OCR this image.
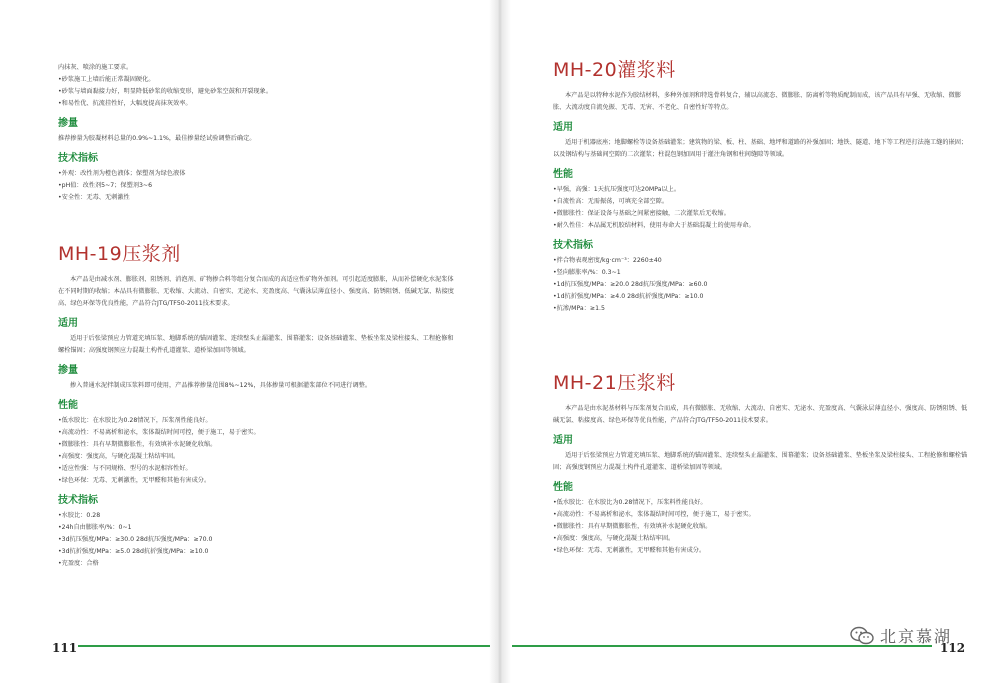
内抹灰、喷涂的施工要求。
•砂浆施工上墙后能正常凝固硬化。
•砂浆与墙面黏接力好，明显降低砂浆的收缩变形，避免砂浆空鼓和开裂现象。
•和易性优、抗流挂性好，大幅度提高抹灰效率。
掺量
推荐掺量为胶凝材料总量的0.9%~1.1%，最佳掺量经试验调整后确定。
技术指标
•外观：改性剂为橙色液体；保塑剂为绿色液体
•pH值：改性剂5~7；保塑剂3~6
•安全性：无毒、无刺激性
MH-19压浆剂
本产品是由减水剂、膨胀剂、阻锈剂、消泡剂、矿物掺合料等组分复合而成的高适应性矿物外加剂。可引起适度膨胀，从而补偿硬化水泥浆体在不同时期的收缩；本品具有微膨胀、无收缩、大流动、自密实、无泌水、充盈度高、气囊泳层薄直径小、强度高、防锈阻锈、低碱无氯、粘接度高、绿色环保等优良性能，产品符合JTG/TF50-2011技术要求。
适用
适用于后张梁预应力管道充填压浆、地脚系统的锚固灌浆、连续壁头止漏灌浆、围幕灌浆；设备基础灌浆、垫板坐浆及梁柱接头、工程抢修和螺栓锚固；高强度钢预应力混凝土构件孔道灌浆、道桥梁加固等领域。
掺量
掺入普通水泥拌制成压浆料即可使用，产品推荐掺量范围8%~12%，具体掺量可根据灌浆部位不同进行调整。
性能
•低水胶比：在水胶比为0.28情况下，压浆剂性能良好。
•高流动性：不易离析和泌水，浆体凝结时间可控，便于施工，易于密实。
•微膨胀性：具有早期微膨胀性，有效填补水泥硬化收缩。
•高强度：强度高，与硬化混凝土粘结牢固。
•适应性强：与不同规格、型号的水泥相容性好。
•绿色环保：无毒、无刺激性，无甲醛和其他有害成分。
技术指标
•水胶比：0.28
•24h自由膨胀率/%：0~1
•3d抗压强度/MPa：≥30.0 28d抗压强度/MPa：≥70.0
•3d抗折强度/MPa：≥5.0 28d抗折强度/MPa：≥10.0
•充盈度：合格
MH-20灌浆料
本产品是以特种水泥作为胶结材料，多种外加剂和特选骨料复合，辅以高流态、微膨胀、防离析等物质配制而成，该产品具有早强、无收缩、微膨胀、大流动度自流免振、无毒、无害、不老化、自密性好等特点。
适用
适用于机器底座；地脚螺栓等设备基础灌浆；建筑物的梁、板、柱、基础、地坪和道路的补强加固；地铁、隧道、地下等工程逆打法施工缝的嵌固；以及钢结构与基础间空隙的二次灌浆；柱混包钢加固用于灌注角钢和柱间缝隙等领域。
性能
•早强，高强：1天抗压强度可达20MPa以上。
•自流性高：无需振荡，可填充全部空隙。
•微膨胀性：保证设备与基础之间紧密接触，二次灌浆后无收缩。
•耐久性佳：本品属无机胶结材料，使用寿命大于基础混凝土的使用寿命。
技术指标
•拌合物表观密度/kg·cm⁻³：2260±40
•竖向膨胀率/%：0.3~1
•1d抗压强度/MPa：≥20.0 28d抗压强度/MPa：≥60.0
•1d抗折强度/MPa：≥4.0 28d抗折强度/MPa：≥10.0
•抗渗/MPa：≥1.5
MH-21压浆料
本产品是由水泥基材料与压浆剂复合而成，具有微膨胀、无收缩、大流动、自密实、无泌水、充盈度高、气囊泳层薄直径小、强度高、防锈阻锈、低碱无氯、粘接度高、绿色环保等优良性能，产品符合JTG/TF50-2011技术要求。
适用
适用于后张梁预应力管道充填压浆、地脚系统的锚固灌浆、连续壁头止漏灌浆、围幕灌浆；设备基础灌浆、垫板坐浆及梁柱接头、工程抢修和螺栓锚固；高强度钢预应力混凝土构件孔道灌浆、道桥梁加固等领域。
性能
•低水胶比：在水胶比为0.28情况下，压浆料性能良好。
•高流动性：不易离析和泌水，浆体凝结时间可控，便于施工，易于密实。
•微膨胀性：具有早期微膨胀性，有效填补水泥硬化收缩。
•高强度：强度高，与硬化混凝土粘结牢固。
•绿色环保：无毒、无刺激性，无甲醛和其他有害成分。
111	112
北京慕湖
